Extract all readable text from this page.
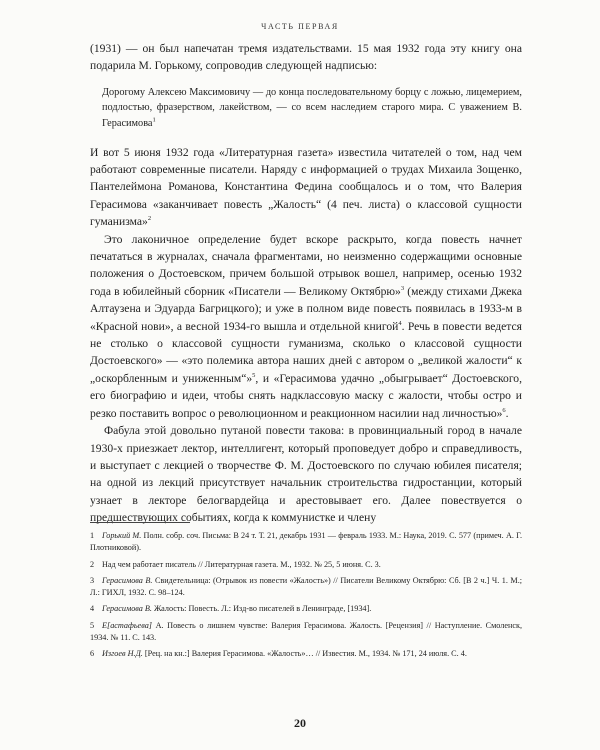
ЧАСТЬ ПЕРВАЯ

(1931) — он был напечатан тремя издательствами. 15 мая 1932 года эту книгу она подарила М. Горькому, сопроводив следующей надписью:

Дорогому Алексею Максимовичу — до конца последовательному борцу с ложью, лицемерием, подлостью, фразерством, лакейством, — со всем наследием старого мира. С уважением В. Герасимова$^1$

И вот 5 июня 1932 года «Литературная газета» известила читателей о том, над чем работают современные писатели. Наряду с информацией о трудах Михаила Зощенко, Пантелеймона Романова, Константина Федина сообщалось и о том, что Валерия Герасимова «заканчивает повесть „Жалость“ (4 печ. листа) о классовой сущности гуманизма»$^2$

Это лаконичное определение будет вскоре раскрыто, когда повесть начнет печататься в журналах, сначала фрагментами, но неизменно содержащими основные положения о Достоевском, причем большой отрывок вошел, например, осенью 1932 года в юбилейный сборник «Писатели — Великому Октябрю»$^3$ (между стихами Джека Алтаузена и Эдуарда Багрицкого); и уже в полном виде повесть появилась в 1933-м в «Красной нови», а весной 1934-го вышла и отдельной книгой$^4$. Речь в повести ведется не столько о классовой сущности гуманизма, сколько о классовой сущности Достоевского» — «это полемика автора наших дней с автором о „великой жалости“ к „оскорбленным и униженным“»$^5$, и «Герасимова удачно „обыгрывает“ Достоевского, его биографию и идеи, чтобы снять надклассовую маску с жалости, чтобы остро и резко поставить вопрос о революционном и реакционном насилии над личностью»$^6$.

Фабула этой довольно путаной повести такова: в провинциальный город в начале 1930-х приезжает лектор, интеллигент, который проповедует добро и справедливость, и выступает с лекцией о творчестве Ф. М. Достоевского по случаю юбилея писателя; на одной из лекций присутствует начальник строительства гидростанции, который узнает в лекторе белогвардейца и арестовывает его. Далее повествуется о предшествующих событиях, когда к коммунистке и члену

1 Горький М. Полн. собр. соч. Письма: В 24 т. Т. 21, декабрь 1931 — февраль 1933. М.: Наука, 2019. С. 577 (примеч. А. Г. Плотниковой).
2 Над чем работает писатель // Литературная газета. М., 1932. № 25, 5 июня. С. 3.
3 Герасимова В. Свидетельница: (Отрывок из повести «Жалость») // Писатели Великому Октябрю: Сб. [В 2 ч.] Ч. 1. М.; Л.: ГИХЛ, 1932. С. 98–124.
4 Герасимова В. Жалость: Повесть. Л.: Изд-во писателей в Ленинграде, [1934].
5 Е[астафьева] А. Повесть о лишнем чувстве: Валерия Герасимова. Жалость. [Рецензия] // Наступление. Смоленск, 1934. № 11. С. 143.
6 Изгоев Н.Д. [Рец. на кн.:] Валерия Герасимова. «Жалость»… // Известия. М., 1934. № 171, 24 июля. С. 4.
20
